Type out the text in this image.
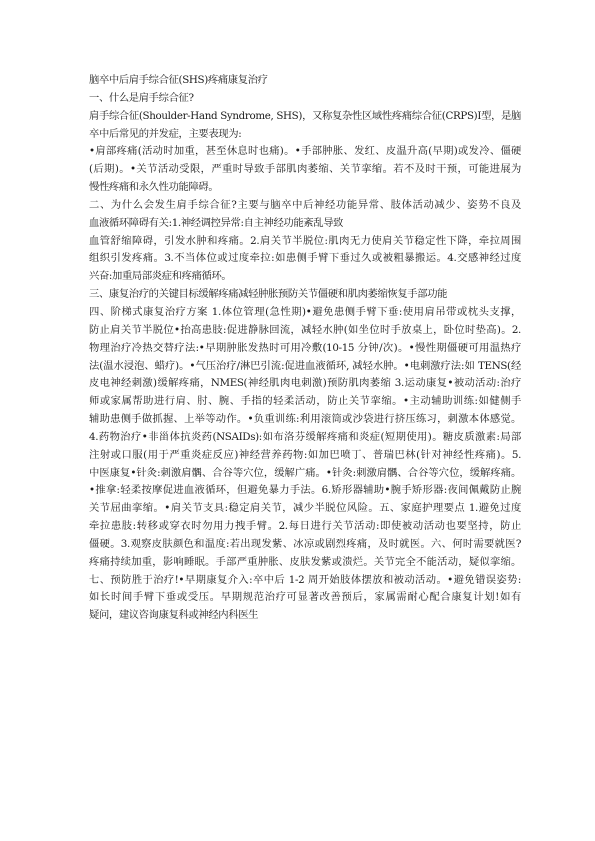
脑卒中后肩手综合征(SHS)疼痛康复治疗
一、什么是肩手综合征?
肩手综合征(Shoulder-Hand Syndrome, SHS)，又称复杂性区域性疼痛综合征(CRPS)Ⅰ型，是脑
卒中后常见的并发症，主要表现为:
•肩部疼痛(活动时加重，甚至休息时也痛)。•手部肿胀、发红、皮温升高(早期)或发冷、僵硬
(后期)。•关节活动受限，严重时导致手部肌肉萎缩、关节挛缩。若不及时干预，可能进展为
慢性疼痛和永久性功能障碍。
二、为什么会发生肩手综合征?主要与脑卒中后神经功能异常、肢体活动减少、姿势不良及
血液循环障碍有关:1.神经调控异常:自主神经功能紊乱导致
血管舒缩障碍，引发水肿和疼痛。2.肩关节半脱位:肌肉无力使肩关节稳定性下降，牵拉周围
组织引发疼痛。3.不当体位或过度牵拉:如患侧手臂下垂过久或被粗暴搬运。4.交感神经过度
兴奋:加重局部炎症和疼痛循环。
三、康复治疗的关键目标缓解疼痛减轻肿胀预防关节僵硬和肌肉萎缩恢复手部功能
四、阶梯式康复治疗方案 1.体位管理(急性期)•避免患侧手臂下垂:使用肩吊带或枕头支撑，
防止肩关节半脱位•抬高患肢:促进静脉回流，减轻水肿(如坐位时手放桌上，卧位时垫高)。2.
物理治疗冷热交替疗法:•早期肿胀发热时可用冷敷(10-15 分钟/次)。•慢性期僵硬可用温热疗
法(温水浸泡、蜡疗)。•气压治疗/淋巴引流:促进血液循环, 减轻水肿。•电刺激疗法:如 TENS(经
皮电神经刺激)缓解疼痛，NMES(神经肌肉电刺激)预防肌肉萎缩 3.运动康复•被动活动:治疗
师或家属帮助进行肩、肘、腕、手指的轻柔活动，防止关节挛缩。•主动辅助训练:如健侧手
辅助患侧手做抓握、上举等动作。•负重训练:利用滚筒或沙袋进行挤压练习，刺激本体感觉。
4.药物治疗•非甾体抗炎药(NSAIDs):如布洛芬缓解疼痛和炎症(短期使用)。糖皮质激素:局部
注射或口服(用于严重炎症反应)神经营养药物:如加巴喷丁、普瑞巴林(针对神经性疼痛)。5.
中医康复•针灸:刺激肩髃、合谷等穴位，缓解广痛。•针灸:刺激肩髃、合谷等穴位，缓解疼痛。
•推拿:轻柔按摩促进血液循环，但避免暴力手法。6.矫形器辅助•腕手矫形器:夜间佩戴防止腕
关节屈曲挛缩。•肩关节支具:稳定肩关节，减少半脱位风险。五、家庭护理要点 1.避免过度
牵拉患肢:转移或穿衣时勿用力拽手臂。2.每日进行关节活动:即使被动活动也要坚持，防止
僵硬。3.观察皮肤颜色和温度:若出现发紫、冰凉或剧烈疼痛，及时就医。六、何时需要就医?
疼痛持续加重，影响睡眠。手部严重肿胀、皮肤发紫或溃烂。关节完全不能活动，疑似挛缩。
七、预防胜于治疗!•早期康复介入:卒中后 1-2 周开始肢体摆放和被动活动。•避免错误姿势:
如长时间手臂下垂或受压。早期规范治疗可显著改善预后，家属需耐心配合康复计划!如有
疑问，建议咨询康复科或神经内科医生
